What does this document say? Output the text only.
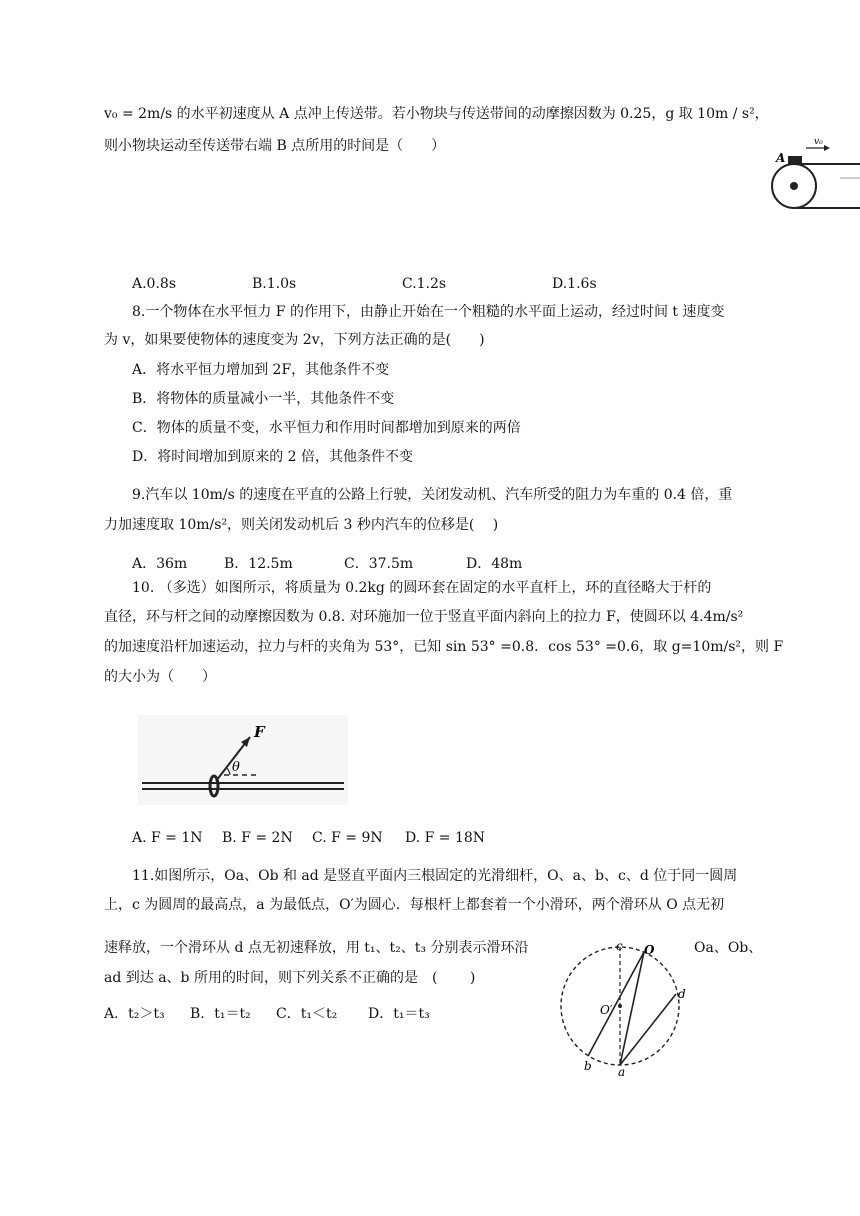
v₀ = 2m/s 的水平初速度从 A 点冲上传送带。若小物块与传送带间的动摩擦因数为 0.25，g 取 10m / s²，
则小物块运动至传送带右端 B 点所用的时间是（　　）
A
v₀
A.0.8s	B.1.0s	C.1.2s	D.1.6s
8.一个物体在水平恒力 F 的作用下，由静止开始在一个粗糙的水平面上运动，经过时间 t 速度变
为 v，如果要使物体的速度变为 2v，下列方法正确的是(　　)
A．将水平恒力增加到 2F，其他条件不变
B．将物体的质量减小一半，其他条件不变
C．物体的质量不变，水平恒力和作用时间都增加到原来的两倍
D．将时间增加到原来的 2 倍，其他条件不变
9.汽车以 10m/s 的速度在平直的公路上行驶，关闭发动机、汽车所受的阻力为车重的 0.4 倍，重
力加速度取 10m/s²，则关闭发动机后 3 秒内汽车的位移是(　 )
A．36m	B．12.5m	C．37.5m	D．48m
10. （多选）如图所示，将质量为 0.2kg 的圆环套在固定的水平直杆上，环的直径略大于杆的
直径，环与杆之间的动摩擦因数为 0.8. 对环施加一位于竖直平面内斜向上的拉力 F，使圆环以 4.4m/s²
的加速度沿杆加速运动，拉力与杆的夹角为 53°，已知 sin 53° =0.8．cos 53° =0.6，取 g=10m/s²，则 F
的大小为（　　）
F
θ
A. F = 1N B. F = 2N C. F = 9N D. F = 18N
11.如图所示，Oa、Ob 和 ad 是竖直平面内三根固定的光滑细杆，O、a、b、c、d 位于同一圆周
上，c 为圆周的最高点，a 为最低点，O′为圆心．每根杆上都套着一个小滑环，两个滑环从 O 点无初
速释放，一个滑环从 d 点无初速释放，用 t₁、t₂、t₃ 分别表示滑环沿	Oa、Ob、
ad 到达 a、b 所用的时间，则下列关系不正确的是　(　　 )
A．t₂＞t₃ B．t₁＝t₂ C．t₁＜t₂ D．t₁＝t₃
c O
O′
d
b a
